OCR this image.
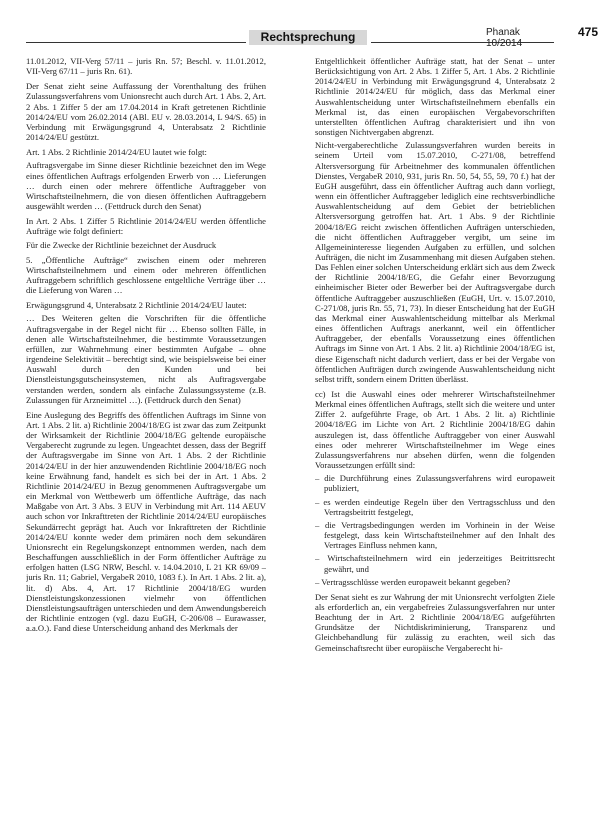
Rechtsprechung	Phanak 10/2014
475

11.01.2012, VII-Verg 57/11 – juris Rn. 57; Beschl. v. 11.01.2012, VII-Verg 67/11 – juris Rn. 61).

Der Senat zieht seine Auffassung der Vorenthaltung des frühen Zulassungsverfahrens vom Unionsrecht auch durch Art. 1 Abs. 2, Art. 2 Abs. 1 Ziffer 5 der am 17.04.2014 in Kraft getretenen Richtlinie 2014/24/EU vom 26.02.2014 (ABl. EU v. 28.03.2014, L 94/S. 65) in Verbindung mit Erwägungsgrund 4, Unterabsatz 2 Richtlinie 2014/24/EU gestützt.

Art. 1 Abs. 2 Richtlinie 2014/24/EU lautet wie folgt:

Auftragsvergabe im Sinne dieser Richtlinie bezeichnet den im Wege eines öffentlichen Auftrags erfolgenden Erwerb von … Lieferungen … durch einen oder mehrere öffentliche Auftraggeber von Wirtschaftsteilnehmern, die von diesen öffentlichen Auftraggebern ausgewählt werden … (Fettdruck durch den Senat)

In Art. 2 Abs. 1 Ziffer 5 Richtlinie 2014/24/EU werden öffentliche Aufträge wie folgt definiert:

Für die Zwecke der Richtlinie bezeichnet der Ausdruck

5. „Öffentliche Aufträge“ zwischen einem oder mehreren Wirtschaftsteilnehmern und einem oder mehreren öffentlichen Auftraggebern schriftlich geschlossene entgeltliche Verträge über … die Lieferung von Waren …

Erwägungsgrund 4, Unterabsatz 2 Richtlinie 2014/24/EU lautet:

… Des Weiteren gelten die Vorschriften für die öffentliche Auftragsvergabe in der Regel nicht für … Ebenso sollten Fälle, in denen alle Wirtschaftsteilnehmer, die bestimmte Voraussetzungen erfüllen, zur Wahrnehmung einer bestimmten Aufgabe – ohne irgendeine Selektivität – berechtigt sind, wie beispielsweise bei einer Auswahl durch den Kunden und bei Dienstleistungsgutscheinsystemen, nicht als Auftragsvergabe verstanden werden, sondern als einfache Zulassungssysteme (z.B. Zulassungen für Arzneimittel …). (Fettdruck durch den Senat)

Eine Auslegung des Begriffs des öffentlichen Auftrags im Sinne von Art. 1 Abs. 2 lit. a) Richtlinie 2004/18/EG ist zwar das zum Zeitpunkt der Wirksamkeit der Richtlinie 2004/18/EG geltende europäische Vergaberecht zugrunde zu legen. Ungeachtet dessen, dass der Begriff der Auftragsvergabe im Sinne von Art. 1 Abs. 2 der Richtlinie 2014/24/EU in der hier anzuwendenden Richtlinie 2004/18/EG noch keine Erwähnung fand, handelt es sich bei der in Art. 1 Abs. 2 Richtlinie 2014/24/EU in Bezug genommenen Auftragsvergabe um ein Merkmal von Wettbewerb um öffentliche Aufträge, das nach Maßgabe von Art. 3 Abs. 3 EUV in Verbindung mit Art. 114 AEUV auch schon vor Inkrafttreten der Richtlinie 2014/24/EU europäisches Sekundärrecht geprägt hat. Auch vor Inkrafttreten der Richtlinie 2014/24/EU konnte weder dem primären noch dem sekundären Unionsrecht ein Regelungskonzept entnommen werden, nach dem Beschaffungen ausschließlich in der Form öffentlicher Aufträge zu erfolgen hatten (LSG NRW, Beschl. v. 14.04.2010, L 21 KR 69/09 – juris Rn. 11; Gabriel, VergabeR 2010, 1083 f.). In Art. 1 Abs. 2 lit. a), lit. d) Abs. 4, Art. 17 Richtlinie 2004/18/EG wurden Dienstleistungskonzessionen vielmehr von öffentlichen Dienstleistungsaufträgen unterschieden und dem Anwendungsbereich der Richtlinie entzogen (vgl. dazu EuGH, C-206/08 – Eurawasser, a.a.O.). Fand diese Unterscheidung anhand des Merkmals der

Entgeltlichkeit öffentlicher Aufträge statt, hat der Senat – unter Berücksichtigung von Art. 2 Abs. 1 Ziffer 5, Art. 1 Abs. 2 Richtlinie 2014/24/EU in Verbindung mit Erwägungsgrund 4, Unterabsatz 2 Richtlinie 2014/24/EU für möglich, dass das Merkmal einer Auswahlentscheidung unter Wirtschaftsteilnehmern ebenfalls ein Merkmal ist, das einen europäischen Vergabevorschriften unterstellten öffentlichen Auftrag charakterisiert und ihn von sonstigen Nichtvergaben abgrenzt.

Nicht-vergaberechtliche Zulassungsverfahren wurden bereits in seinem Urteil vom 15.07.2010, C-271/08, betreffend Altersversorgung für Arbeitnehmer des kommunalen öffentlichen Dienstes, VergabeR 2010, 931, juris Rn. 50, 54, 55, 59, 70 f.) hat der EuGH ausgeführt, dass ein öffentlicher Auftrag auch dann vorliegt, wenn ein öffentlicher Auftraggeber lediglich eine rechtsverbindliche Auswahlentscheidung auf dem Gebiet der betrieblichen Altersversorgung getroffen hat. Art. 1 Abs. 9 der Richtlinie 2004/18/EG reicht zwischen öffentlichen Aufträgen unterschieden, die nicht öffentlichen Auftraggeber vergibt, um seine im Allgemeininteresse liegenden Aufgaben zu erfüllen, und solchen Aufträgen, die nicht im Zusammenhang mit diesen Aufgaben stehen. Das Fehlen einer solchen Unterscheidung erklärt sich aus dem Zweck der Richtlinie 2004/18/EG, die Gefahr einer Bevorzugung einheimischer Bieter oder Bewerber bei der Auftragsvergabe durch öffentliche Auftraggeber auszuschließen (EuGH, Urt. v. 15.07.2010, C-271/08, juris Rn. 55, 71, 73). In dieser Entscheidung hat der EuGH das Merkmal einer Auswahlentscheidung mittelbar als Merkmal eines öffentlichen Auftrags anerkannt, weil ein öffentlicher Auftraggeber, der ebenfalls Voraussetzung eines öffentlichen Auftrags im Sinne von Art. 1 Abs. 2 lit. a) Richtlinie 2004/18/EG ist, diese Eigenschaft nicht dadurch verliert, dass er bei der Vergabe von öffentlichen Aufträgen durch zwingende Auswahlentscheidung nicht selbst trifft, sondern einem Dritten überlässt.

cc) Ist die Auswahl eines oder mehrerer Wirtschaftsteilnehmer Merkmal eines öffentlichen Auftrags, stellt sich die weitere und unter Ziffer 2. aufgeführte Frage, ob Art. 1 Abs. 2 lit. a) Richtlinie 2004/18/EG im Lichte von Art. 2 Richtlinie 2004/18/EG dahin auszulegen ist, dass öffentliche Auftraggeber von einer Auswahl eines oder mehrerer Wirtschaftsteilnehmer im Wege eines Zulassungsverfahrens nur absehen dürfen, wenn die folgenden Voraussetzungen erfüllt sind:

– die Durchführung eines Zulassungsverfahrens wird europaweit publiziert,

– es werden eindeutige Regeln über den Vertragsschluss und den Vertragsbeitritt festgelegt,

– die Vertragsbedingungen werden im Vorhinein in der Weise festgelegt, dass kein Wirtschaftsteilnehmer auf den Inhalt des Vertrages Einfluss nehmen kann,

– Wirtschaftsteilnehmern wird ein jederzeitiges Beitrittsrecht gewährt, und

– Vertragsschlüsse werden europaweit bekannt gegeben?

Der Senat sieht es zur Wahrung der mit Unionsrecht verfolgten Ziele als erforderlich an, ein vergabefreies Zulassungsverfahren nur unter Beachtung der in Art. 2 Richtlinie 2004/18/EG aufgeführten Grundsätze der Nichtdiskriminierung, Transparenz und Gleichbehandlung für zulässig zu erachten, weil sich das Gemeinschaftsrecht über europäische Vergaberecht hi-
